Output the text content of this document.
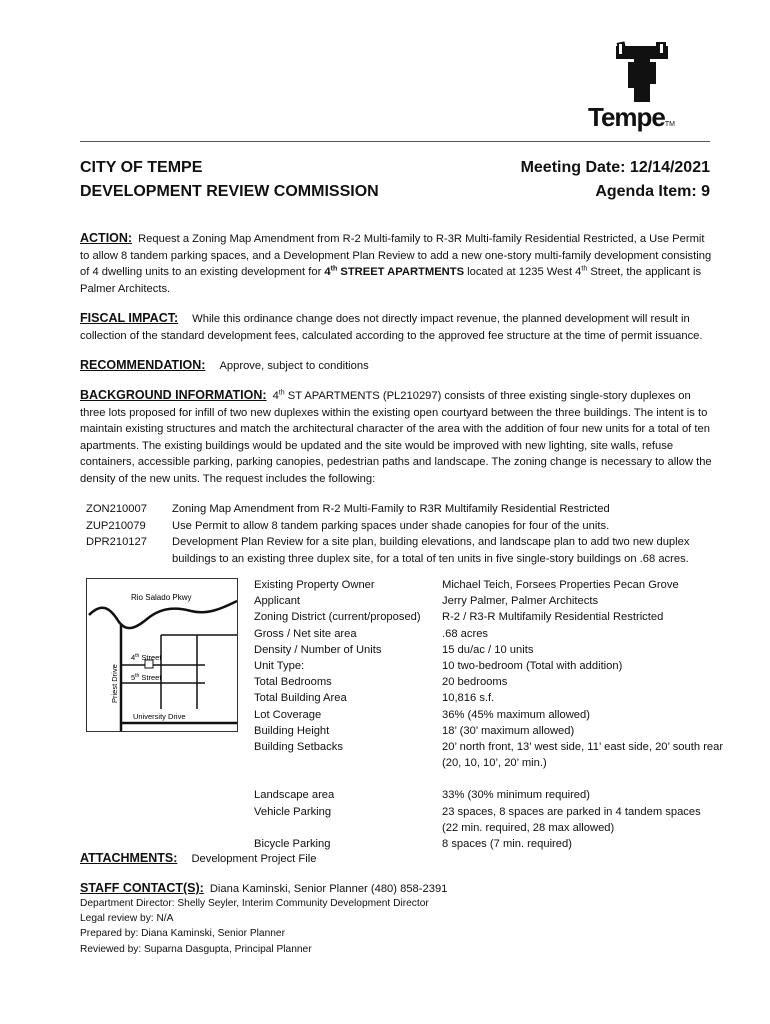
TempeTM
CITY OF TEMPE
DEVELOPMENT REVIEW COMMISSION
Meeting Date: 12/14/2021
Agenda Item: 9
ACTION: Request a Zoning Map Amendment from R-2 Multi-family to R-3R Multi-family Residential Restricted, a Use Permit to allow 8 tandem parking spaces, and a Development Plan Review to add a new one-story multi-family development consisting of 4 dwelling units to an existing development for 4th STREET APARTMENTS located at 1235 West 4th Street, the applicant is Palmer Architects.
FISCAL IMPACT: While this ordinance change does not directly impact revenue, the planned development will result in collection of the standard development fees, calculated according to the approved fee structure at the time of permit issuance.
RECOMMENDATION: Approve, subject to conditions
BACKGROUND INFORMATION: 4th ST APARTMENTS (PL210297) consists of three existing single-story duplexes on three lots proposed for infill of two new duplexes within the existing open courtyard between the three buildings. The intent is to maintain existing structures and match the architectural character of the area with the addition of four new units for a total of ten apartments. The existing buildings would be updated and the site would be improved with new lighting, site walls, refuse containers, accessible parking, parking canopies, pedestrian paths and landscape. The zoning change is necessary to allow the density of the new units. The request includes the following:
ZON210007	Zoning Map Amendment from R-2 Multi-Family to R3R Multifamily Residential Restricted
ZUP210079	Use Permit to allow 8 tandem parking spaces under shade canopies for four of the units.
DPR210127	Development Plan Review for a site plan, building elevations, and landscape plan to add two new duplex buildings to an existing three duplex site, for a total of ten units in five single-story buildings on .68 acres.
Rio Salado Pkwy
4th Street
5th Street
Priest Drive
University Drive
Existing Property Owner	Michael Teich, Forsees Properties Pecan Grove
Applicant	Jerry Palmer, Palmer Architects
Zoning District (current/proposed)	R-2 / R3-R Multifamily Residential Restricted
Gross / Net site area	.68 acres
Density / Number of Units	15 du/ac / 10 units
Unit Type:	10 two-bedroom (Total with addition)
Total Bedrooms	20 bedrooms
Total Building Area	10,816 s.f.
Lot Coverage	36% (45% maximum allowed)
Building Height	18’ (30’ maximum allowed)
Building Setbacks	20’ north front, 13’ west side, 11’ east side, 20’ south rear
(20, 10, 10’, 20’ min.)
Landscape area	33% (30% minimum required)
Vehicle Parking	23 spaces, 8 spaces are parked in 4 tandem spaces
(22 min. required, 28 max allowed)
Bicycle Parking	8 spaces (7 min. required)
ATTACHMENTS: Development Project File
STAFF CONTACT(S): Diana Kaminski, Senior Planner (480) 858-2391
Department Director: Shelly Seyler, Interim Community Development Director
Legal review by: N/A
Prepared by: Diana Kaminski, Senior Planner
Reviewed by: Suparna Dasgupta, Principal Planner
